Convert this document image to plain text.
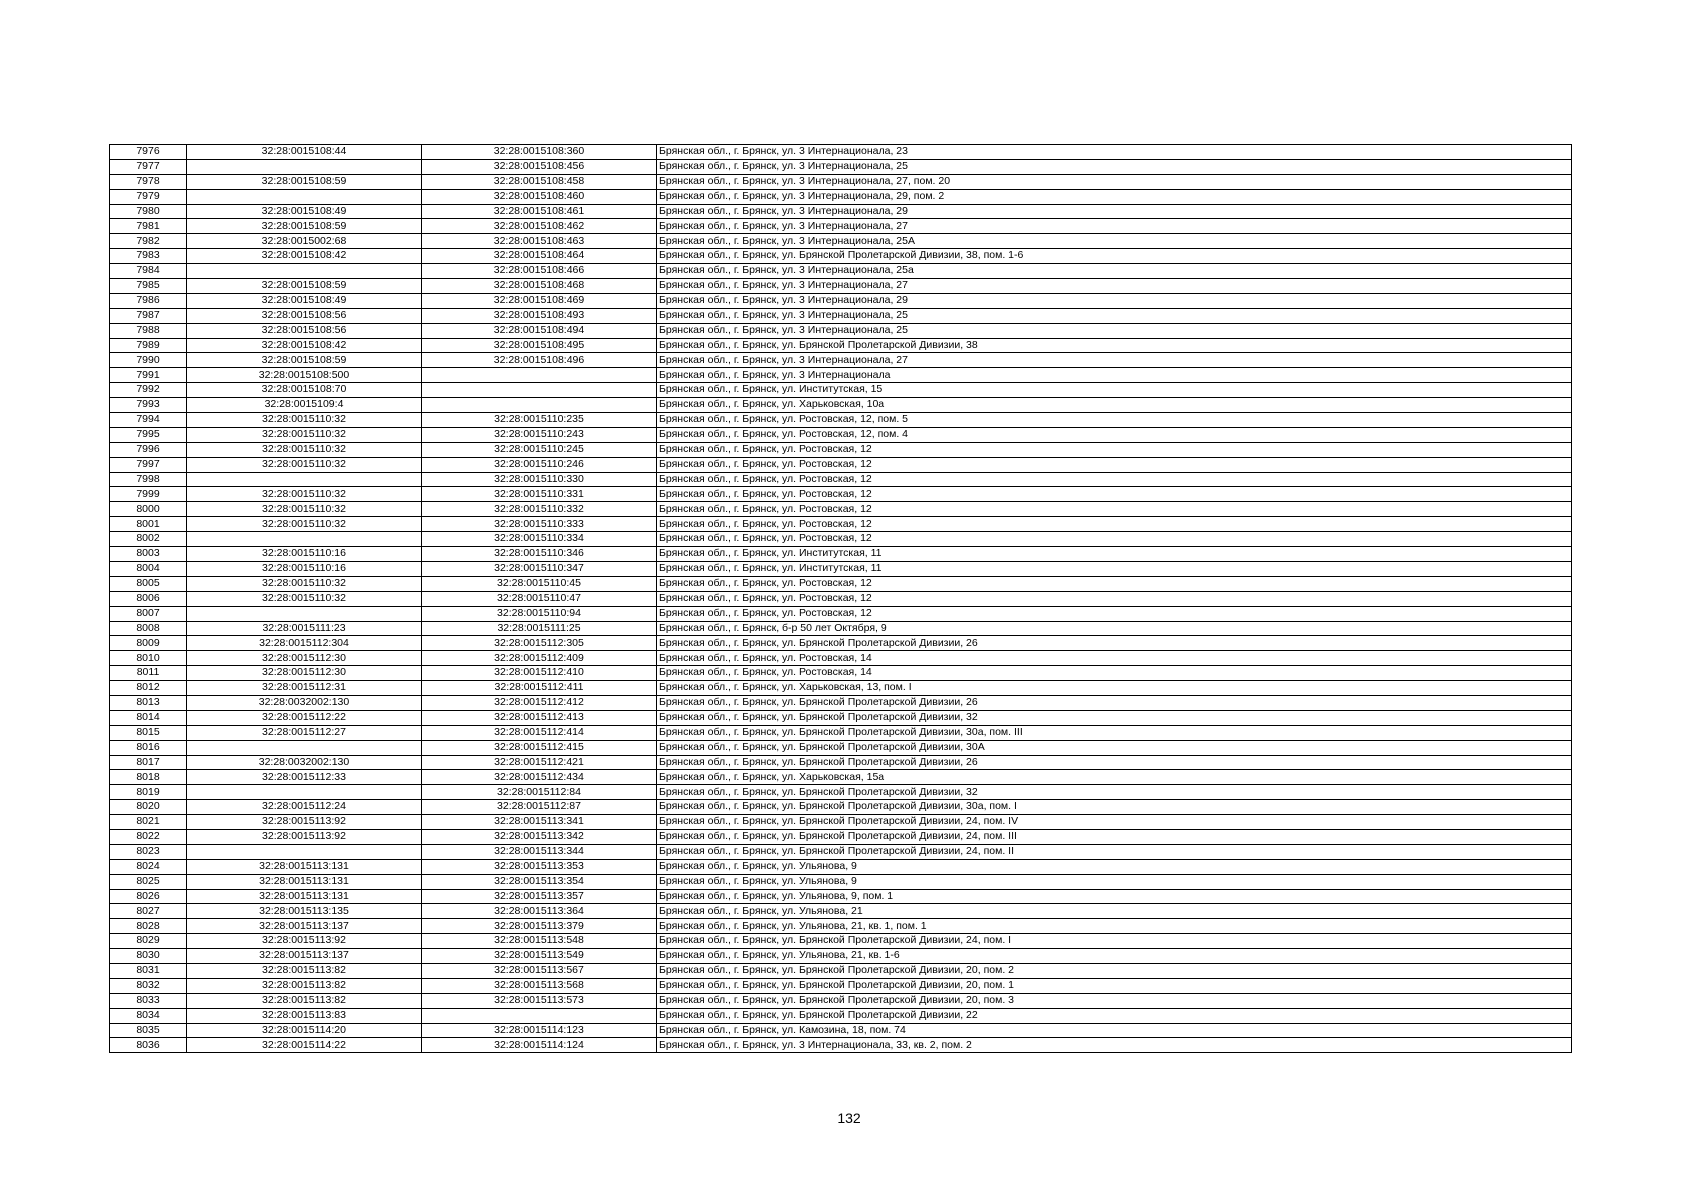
7976	32:28:0015108:44	32:28:0015108:360	Брянская обл., г. Брянск, ул. 3 Интернационала, 23
7977		32:28:0015108:456	Брянская обл., г. Брянск, ул. 3 Интернационала, 25
7978	32:28:0015108:59	32:28:0015108:458	Брянская обл., г. Брянск, ул. 3 Интернационала, 27, пом. 20
7979		32:28:0015108:460	Брянская обл., г. Брянск, ул. 3 Интернационала, 29, пом. 2
7980	32:28:0015108:49	32:28:0015108:461	Брянская обл., г. Брянск, ул. 3 Интернационала, 29
7981	32:28:0015108:59	32:28:0015108:462	Брянская обл., г. Брянск, ул. 3 Интернационала, 27
7982	32:28:0015002:68	32:28:0015108:463	Брянская обл., г. Брянск, ул. 3 Интернационала, 25А
7983	32:28:0015108:42	32:28:0015108:464	Брянская обл., г. Брянск, ул. Брянской Пролетарской Дивизии, 38, пом. 1-6
7984		32:28:0015108:466	Брянская обл., г. Брянск, ул. 3 Интернационала, 25а
7985	32:28:0015108:59	32:28:0015108:468	Брянская обл., г. Брянск, ул. 3 Интернационала, 27
7986	32:28:0015108:49	32:28:0015108:469	Брянская обл., г. Брянск, ул. 3 Интернационала, 29
7987	32:28:0015108:56	32:28:0015108:493	Брянская обл., г. Брянск, ул. 3 Интернационала, 25
7988	32:28:0015108:56	32:28:0015108:494	Брянская обл., г. Брянск, ул. 3 Интернационала, 25
7989	32:28:0015108:42	32:28:0015108:495	Брянская обл., г. Брянск, ул. Брянской Пролетарской Дивизии, 38
7990	32:28:0015108:59	32:28:0015108:496	Брянская обл., г. Брянск, ул. 3 Интернационала, 27
7991	32:28:0015108:500		Брянская обл., г. Брянск, ул. 3 Интернационала
7992	32:28:0015108:70		Брянская обл., г. Брянск, ул. Институтская, 15
7993	32:28:0015109:4		Брянская обл., г. Брянск, ул. Харьковская, 10а
7994	32:28:0015110:32	32:28:0015110:235	Брянская обл., г. Брянск, ул. Ростовская, 12, пом. 5
7995	32:28:0015110:32	32:28:0015110:243	Брянская обл., г. Брянск, ул. Ростовская, 12, пом. 4
7996	32:28:0015110:32	32:28:0015110:245	Брянская обл., г. Брянск, ул. Ростовская, 12
7997	32:28:0015110:32	32:28:0015110:246	Брянская обл., г. Брянск, ул. Ростовская, 12
7998		32:28:0015110:330	Брянская обл., г. Брянск, ул. Ростовская, 12
7999	32:28:0015110:32	32:28:0015110:331	Брянская обл., г. Брянск, ул. Ростовская, 12
8000	32:28:0015110:32	32:28:0015110:332	Брянская обл., г. Брянск, ул. Ростовская, 12
8001	32:28:0015110:32	32:28:0015110:333	Брянская обл., г. Брянск, ул. Ростовская, 12
8002		32:28:0015110:334	Брянская обл., г. Брянск, ул. Ростовская, 12
8003	32:28:0015110:16	32:28:0015110:346	Брянская обл., г. Брянск, ул. Институтская, 11
8004	32:28:0015110:16	32:28:0015110:347	Брянская обл., г. Брянск, ул. Институтская, 11
8005	32:28:0015110:32	32:28:0015110:45	Брянская обл., г. Брянск, ул. Ростовская, 12
8006	32:28:0015110:32	32:28:0015110:47	Брянская обл., г. Брянск, ул. Ростовская, 12
8007		32:28:0015110:94	Брянская обл., г. Брянск, ул. Ростовская, 12
8008	32:28:0015111:23	32:28:0015111:25	Брянская обл., г. Брянск, б-р 50 лет Октября, 9
8009	32:28:0015112:304	32:28:0015112:305	Брянская обл., г. Брянск, ул. Брянской Пролетарской Дивизии, 26
8010	32:28:0015112:30	32:28:0015112:409	Брянская обл., г. Брянск, ул. Ростовская, 14
8011	32:28:0015112:30	32:28:0015112:410	Брянская обл., г. Брянск, ул. Ростовская, 14
8012	32:28:0015112:31	32:28:0015112:411	Брянская обл., г. Брянск, ул. Харьковская, 13, пом. I
8013	32:28:0032002:130	32:28:0015112:412	Брянская обл., г. Брянск, ул. Брянской Пролетарской Дивизии, 26
8014	32:28:0015112:22	32:28:0015112:413	Брянская обл., г. Брянск, ул. Брянской Пролетарской Дивизии, 32
8015	32:28:0015112:27	32:28:0015112:414	Брянская обл., г. Брянск, ул. Брянской Пролетарской Дивизии, 30а, пом. III
8016		32:28:0015112:415	Брянская обл., г. Брянск, ул. Брянской Пролетарской Дивизии, 30А
8017	32:28:0032002:130	32:28:0015112:421	Брянская обл., г. Брянск, ул. Брянской Пролетарской Дивизии, 26
8018	32:28:0015112:33	32:28:0015112:434	Брянская обл., г. Брянск, ул. Харьковская, 15а
8019		32:28:0015112:84	Брянская обл., г. Брянск, ул. Брянской Пролетарской Дивизии, 32
8020	32:28:0015112:24	32:28:0015112:87	Брянская обл., г. Брянск, ул. Брянской Пролетарской Дивизии, 30а, пом. I
8021	32:28:0015113:92	32:28:0015113:341	Брянская обл., г. Брянск, ул. Брянской Пролетарской Дивизии, 24, пом. IV
8022	32:28:0015113:92	32:28:0015113:342	Брянская обл., г. Брянск, ул. Брянской Пролетарской Дивизии, 24, пом. III
8023		32:28:0015113:344	Брянская обл., г. Брянск, ул. Брянской Пролетарской Дивизии, 24, пом. II
8024	32:28:0015113:131	32:28:0015113:353	Брянская обл., г. Брянск, ул. Ульянова, 9
8025	32:28:0015113:131	32:28:0015113:354	Брянская обл., г. Брянск, ул. Ульянова, 9
8026	32:28:0015113:131	32:28:0015113:357	Брянская обл., г. Брянск, ул. Ульянова, 9, пом. 1
8027	32:28:0015113:135	32:28:0015113:364	Брянская обл., г. Брянск, ул. Ульянова, 21
8028	32:28:0015113:137	32:28:0015113:379	Брянская обл., г. Брянск, ул. Ульянова, 21, кв. 1, пом. 1
8029	32:28:0015113:92	32:28:0015113:548	Брянская обл., г. Брянск, ул. Брянской Пролетарской Дивизии, 24, пом. I
8030	32:28:0015113:137	32:28:0015113:549	Брянская обл., г. Брянск, ул. Ульянова, 21, кв. 1-6
8031	32:28:0015113:82	32:28:0015113:567	Брянская обл., г. Брянск, ул. Брянской Пролетарской Дивизии, 20, пом. 2
8032	32:28:0015113:82	32:28:0015113:568	Брянская обл., г. Брянск, ул. Брянской Пролетарской Дивизии, 20, пом. 1
8033	32:28:0015113:82	32:28:0015113:573	Брянская обл., г. Брянск, ул. Брянской Пролетарской Дивизии, 20, пом. 3
8034	32:28:0015113:83		Брянская обл., г. Брянск, ул. Брянской Пролетарской Дивизии, 22
8035	32:28:0015114:20	32:28:0015114:123	Брянская обл., г. Брянск, ул. Камозина, 18, пом. 74
8036	32:28:0015114:22	32:28:0015114:124	Брянская обл., г. Брянск, ул. 3 Интернационала, 33, кв. 2, пом. 2
132
